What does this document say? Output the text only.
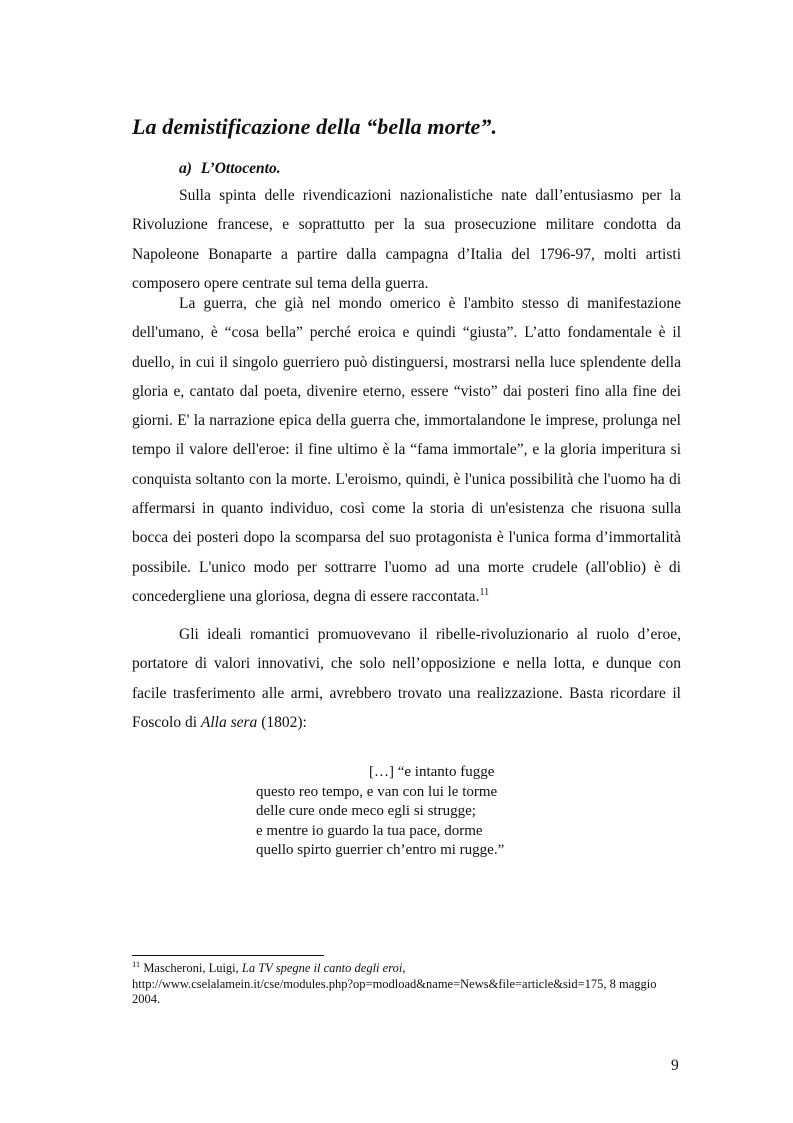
La demistificazione della “bella morte”.

a) L’Ottocento.

Sulla spinta delle rivendicazioni nazionalistiche nate dall’entusiasmo per la Rivoluzione francese, e soprattutto per la sua prosecuzione militare condotta da Napoleone Bonaparte a partire dalla campagna d’Italia del 1796-97, molti artisti composero opere centrate sul tema della guerra.

La guerra, che già nel mondo omerico è l'ambito stesso di manifestazione dell'umano, è “cosa bella” perché eroica e quindi “giusta”. L’atto fondamentale è il duello, in cui il singolo guerriero può distinguersi, mostrarsi nella luce splendente della gloria e, cantato dal poeta, divenire eterno, essere “visto” dai posteri fino alla fine dei giorni. E' la narrazione epica della guerra che, immortalandone le imprese, prolunga nel tempo il valore dell'eroe: il fine ultimo è la “fama immortale”, e la gloria imperitura si conquista soltanto con la morte. L'eroismo, quindi, è l'unica possibilità che l'uomo ha di affermarsi in quanto individuo, così come la storia di un'esistenza che risuona sulla bocca dei posteri dopo la scomparsa del suo protagonista è l'unica forma d’immortalità possibile. L'unico modo per sottrarre l'uomo ad una morte crudele (all'oblio) è di concedergliene una gloriosa, degna di essere raccontata.$^{11}$

Gli ideali romantici promuovevano il ribelle-rivoluzionario al ruolo d’eroe, portatore di valori innovativi, che solo nell’opposizione e nella lotta, e dunque con facile trasferimento alle armi, avrebbero trovato una realizzazione. Basta ricordare il Foscolo di Alla sera (1802):

[…] “e intanto fugge
questo reo tempo, e van con lui le torme
delle cure onde meco egli si strugge;
e mentre io guardo la tua pace, dorme
quello spirto guerrier ch’entro mi rugge.”

$^{11}$ Mascheroni, Luigi, La TV spegne il canto degli eroi,
http://www.cselalamein.it/cse/modules.php?op=modload&name=News&file=article&sid=175, 8 maggio 2004.

9
